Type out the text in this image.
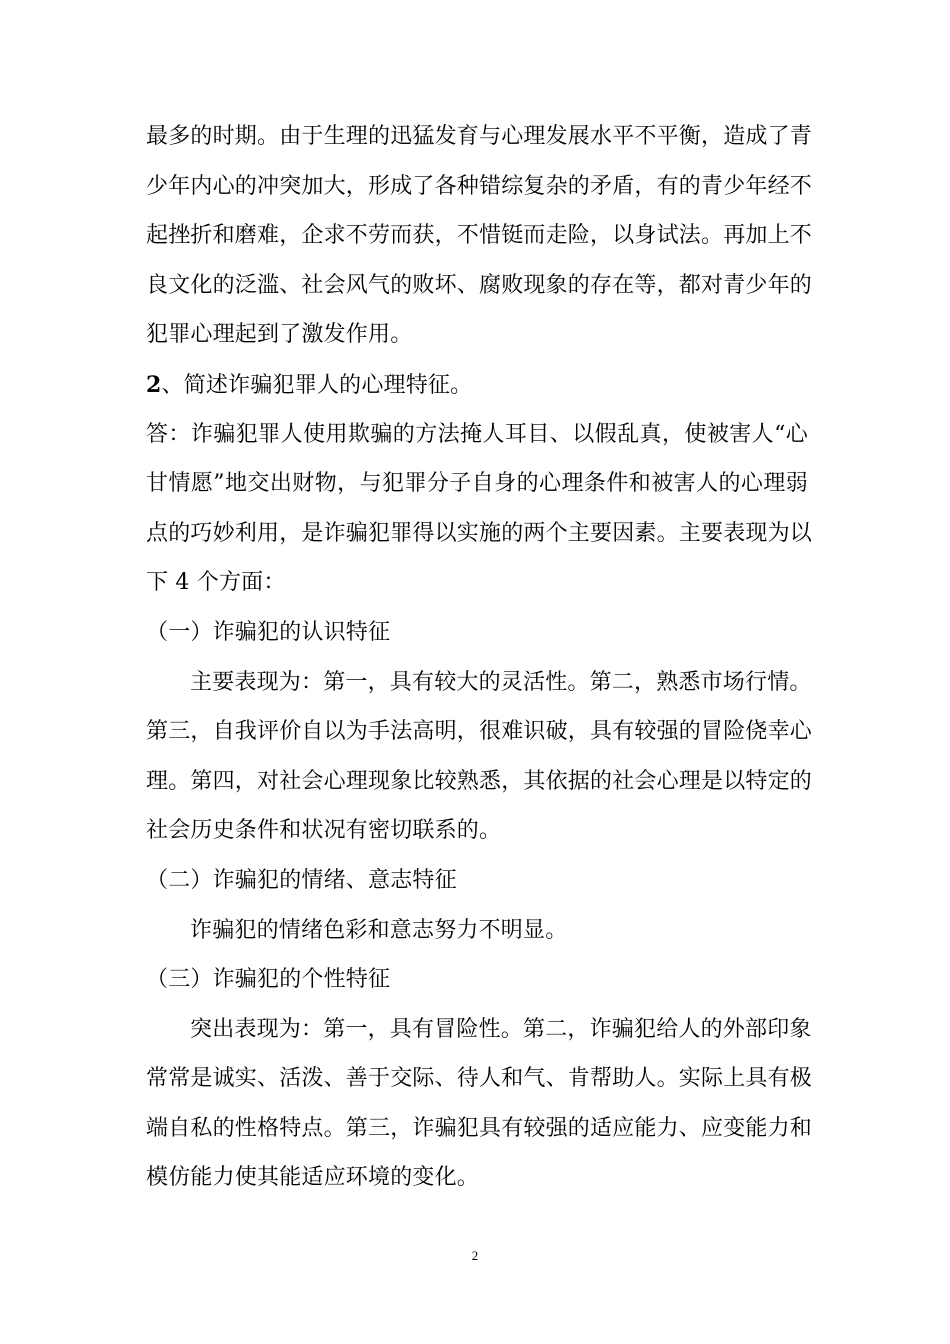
最多的时期。由于生理的迅猛发育与心理发展水平不平衡，造成了青
少年内心的冲突加大，形成了各种错综复杂的矛盾，有的青少年经不
起挫折和磨难，企求不劳而获，不惜铤而走险，以身试法。再加上不
良文化的泛滥、社会风气的败坏、腐败现象的存在等，都对青少年的
犯罪心理起到了激发作用。
2、简述诈骗犯罪人的心理特征。
答：诈骗犯罪人使用欺骗的方法掩人耳目、以假乱真，使被害人“心
甘情愿”地交出财物，与犯罪分子自身的心理条件和被害人的心理弱
点的巧妙利用，是诈骗犯罪得以实施的两个主要因素。主要表现为以
下 4 个方面：
（一）诈骗犯的认识特征
主要表现为：第一，具有较大的灵活性。第二，熟悉市场行情。
第三，自我评价自以为手法高明，很难识破，具有较强的冒险侥幸心
理。第四，对社会心理现象比较熟悉，其依据的社会心理是以特定的
社会历史条件和状况有密切联系的。
（二）诈骗犯的情绪、意志特征
诈骗犯的情绪色彩和意志努力不明显。
（三）诈骗犯的个性特征
突出表现为：第一，具有冒险性。第二，诈骗犯给人的外部印象
常常是诚实、活泼、善于交际、待人和气、肯帮助人。实际上具有极
端自私的性格特点。第三，诈骗犯具有较强的适应能力、应变能力和
模仿能力使其能适应环境的变化。
2
